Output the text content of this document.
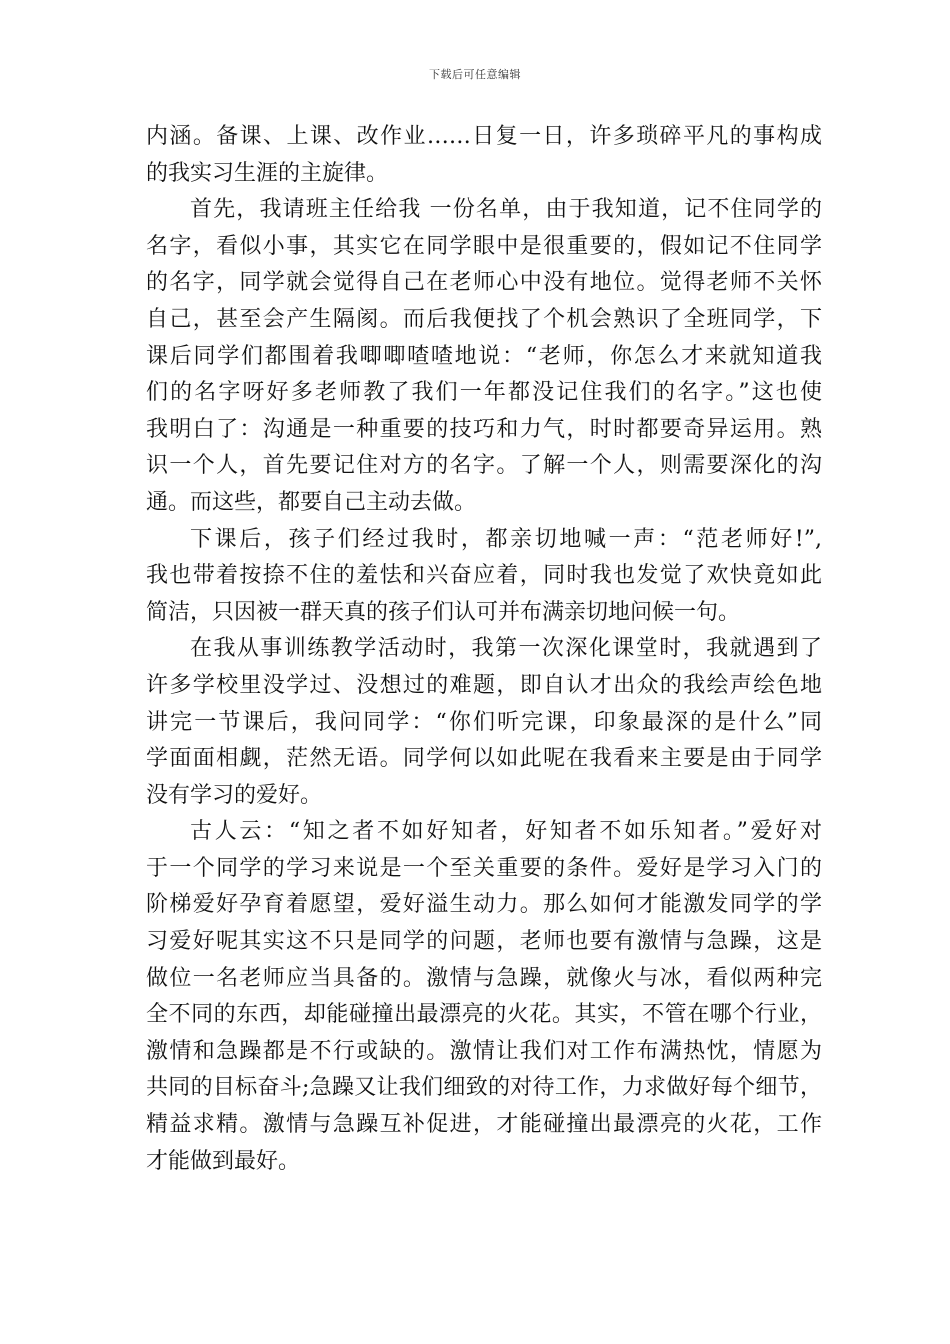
下载后可任意编辑
内涵。备课、上课、改作业……日复一日，许多琐碎平凡的事构成
的我实习生涯的主旋律。
首先，我请班主任给我 一份名单，由于我知道，记不住同学的
名字，看似小事，其实它在同学眼中是很重要的，假如记不住同学
的名字，同学就会觉得自己在老师心中没有地位。觉得老师不关怀
自己，甚至会产生隔阂。而后我便找了个机会熟识了全班同学，下
课后同学们都围着我唧唧喳喳地说：“老师，你怎么才来就知道我
们的名字呀好多老师教了我们一年都没记住我们的名字。”这也使
我明白了：沟通是一种重要的技巧和力气，时时都要奇异运用。熟
识一个人，首先要记住对方的名字。了解一个人，则需要深化的沟
通。而这些，都要自己主动去做。
下课后，孩子们经过我时，都亲切地喊一声：“范老师好!”,
我也带着按捺不住的羞怯和兴奋应着，同时我也发觉了欢快竟如此
简洁，只因被一群天真的孩子们认可并布满亲切地问候一句。
在我从事训练教学活动时，我第一次深化课堂时，我就遇到了
许多学校里没学过、没想过的难题，即自认才出众的我绘声绘色地
讲完一节课后，我问同学：“你们听完课，印象最深的是什么”同
学面面相觑，茫然无语。同学何以如此呢在我看来主要是由于同学
没有学习的爱好。
古人云：“知之者不如好知者，好知者不如乐知者。”爱好对
于一个同学的学习来说是一个至关重要的条件。爱好是学习入门的
阶梯爱好孕育着愿望，爱好溢生动力。那么如何才能激发同学的学
习爱好呢其实这不只是同学的问题，老师也要有激情与急躁，这是
做位一名老师应当具备的。激情与急躁，就像火与冰，看似两种完
全不同的东西，却能碰撞出最漂亮的火花。其实，不管在哪个行业，
激情和急躁都是不行或缺的。激情让我们对工作布满热忱，情愿为
共同的目标奋斗;急躁又让我们细致的对待工作，力求做好每个细节，
精益求精。激情与急躁互补促进，才能碰撞出最漂亮的火花，工作
才能做到最好。
